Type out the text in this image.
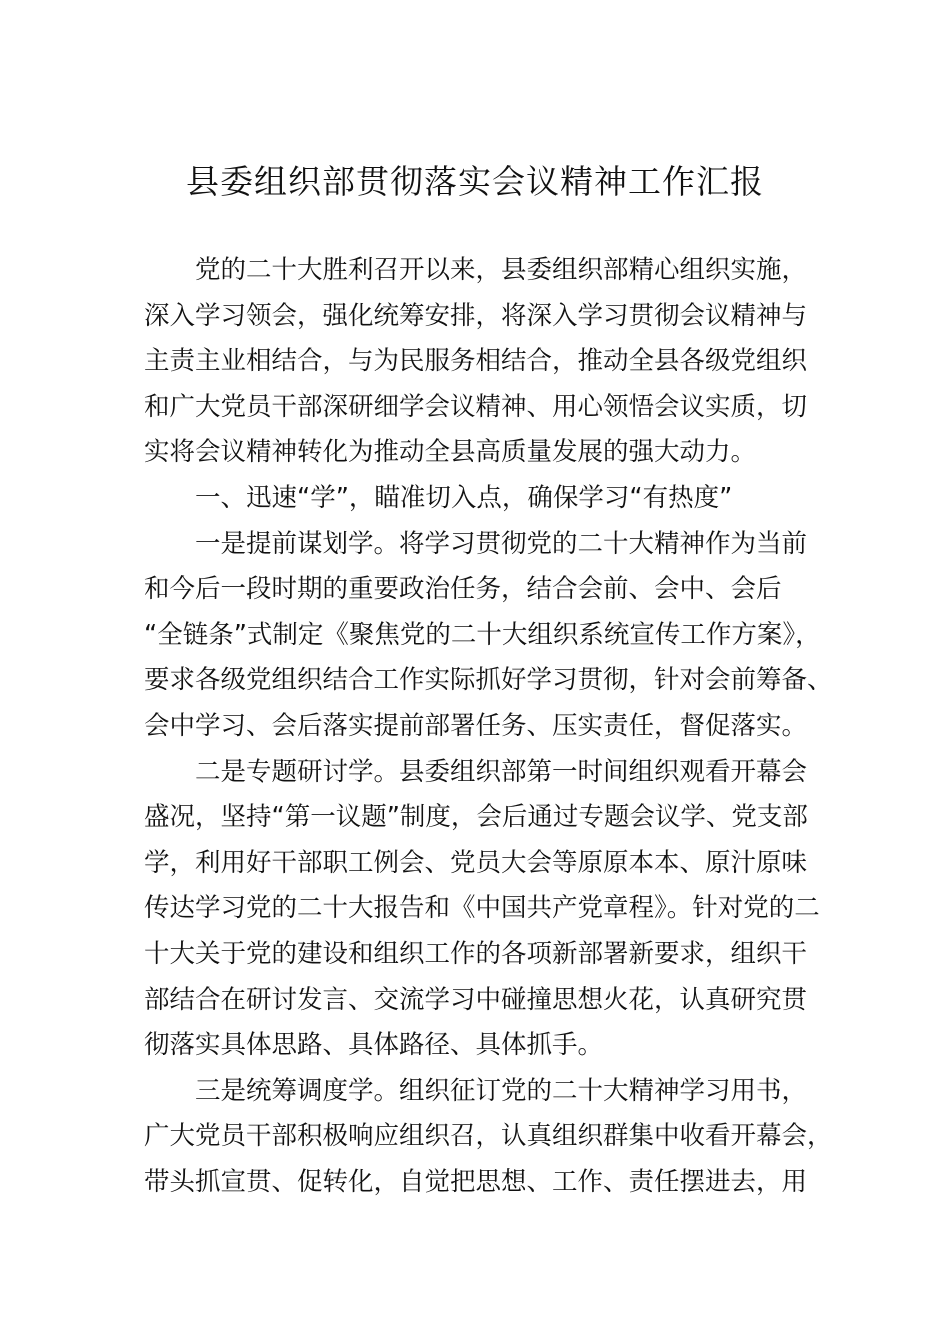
县委组织部贯彻落实会议精神工作汇报
党的二十大胜利召开以来，县委组织部精心组织实施，
深入学习领会，强化统筹安排，将深入学习贯彻会议精神与
主责主业相结合，与为民服务相结合，推动全县各级党组织
和广大党员干部深研细学会议精神、用心领悟会议实质，切
实将会议精神转化为推动全县高质量发展的强大动力。
一、迅速“学”，瞄准切入点，确保学习“有热度”
一是提前谋划学。将学习贯彻党的二十大精神作为当前
和今后一段时期的重要政治任务，结合会前、会中、会后
“全链条”式制定《聚焦党的二十大组织系统宣传工作方案》，
要求各级党组织结合工作实际抓好学习贯彻，针对会前筹备、
会中学习、会后落实提前部署任务、压实责任，督促落实。
二是专题研讨学。县委组织部第一时间组织观看开幕会
盛况，坚持“第一议题”制度，会后通过专题会议学、党支部
学，利用好干部职工例会、党员大会等原原本本、原汁原味
传达学习党的二十大报告和《中国共产党章程》。针对党的二
十大关于党的建设和组织工作的各项新部署新要求，组织干
部结合在研讨发言、交流学习中碰撞思想火花，认真研究贯
彻落实具体思路、具体路径、具体抓手。
三是统筹调度学。组织征订党的二十大精神学习用书，
广大党员干部积极响应组织召，认真组织群集中收看开幕会，
带头抓宣贯、促转化，自觉把思想、工作、责任摆进去，用
